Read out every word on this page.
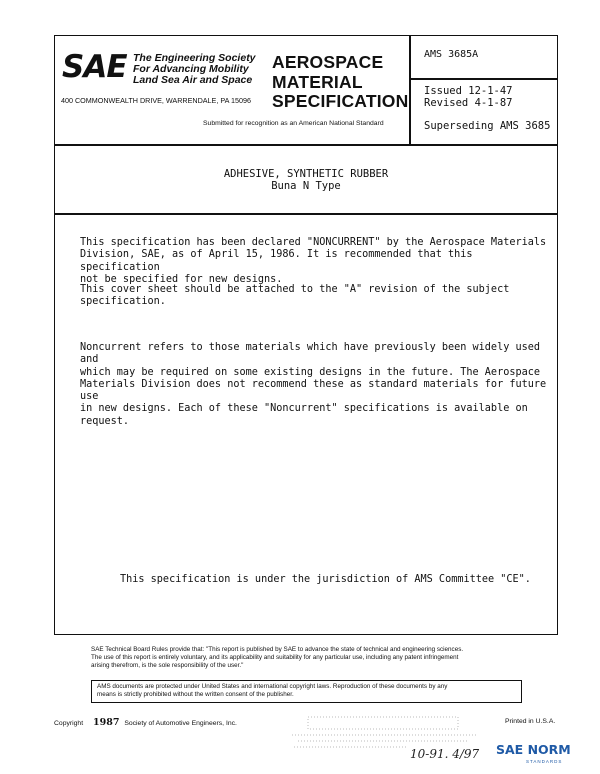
SAE The Engineering Society
For Advancing Mobility
Land Sea Air and Space
400 COMMONWEALTH DRIVE, WARRENDALE, PA 15096
AEROSPACE
MATERIAL
SPECIFICATION
Submitted for recognition as an American National Standard
AMS 3685A
Issued 12-1-47
Revised 4-1-87
Superseding AMS 3685
ADHESIVE, SYNTHETIC RUBBER
Buna N Type
This specification has been declared "NONCURRENT" by the Aerospace Materials
Division, SAE, as of April 15, 1986. It is recommended that this specification
not be specified for new designs.
This cover sheet should be attached to the "A" revision of the subject
specification.
Noncurrent refers to those materials which have previously been widely used and
which may be required on some existing designs in the future. The Aerospace
Materials Division does not recommend these as standard materials for future use
in new designs. Each of these "Noncurrent" specifications is available on
request.
This specification is under the jurisdiction of AMS Committee "CE".
SAE Technical Board Rules provide that: "This report is published by SAE to advance the state of technical and engineering sciences.
The use of this report is entirely voluntary, and its applicability and suitability for any particular use, including any patent infringement
arising therefrom, is the sole responsibility of the user."
AMS documents are protected under United States and international copyright laws. Reproduction of these documents by any
means is strictly prohibited without the written consent of the publisher.
Copyright 1987 Society of Automotive Engineers, Inc.	Printed in U.S.A.
10-91. 4/97 SAE NORM
STANDARDS
